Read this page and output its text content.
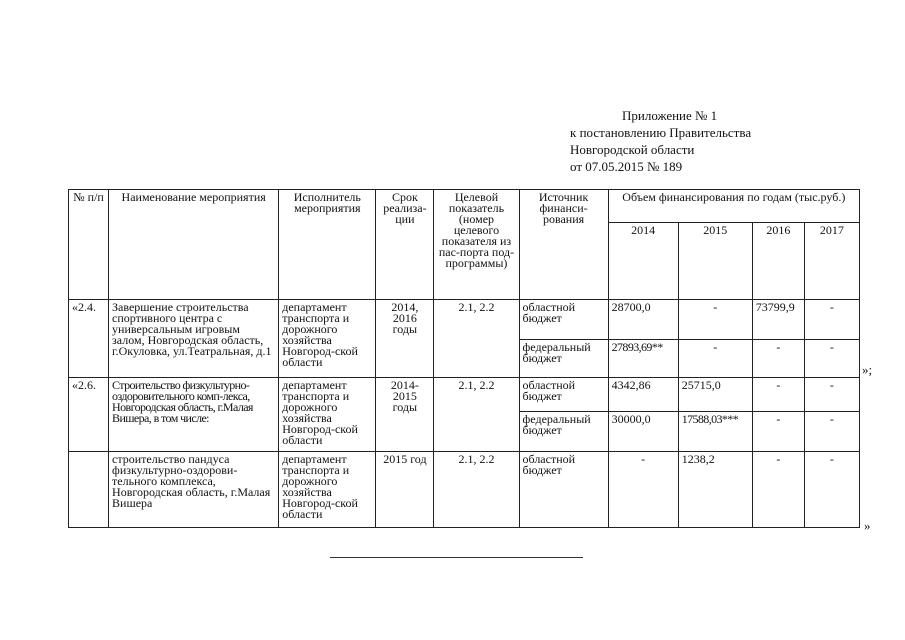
Приложение № 1
к постановлению Правительства
Новгородской области
от 07.05.2015 № 189
№ п/п	Наименование мероприятия	Исполнитель мероприятия	Срок реализа-ции	Целевой показатель (номер целевого показателя из пас-порта под-программы)	Источник финанси-рования	Объем финансирования по годам (тыс.руб.)			
						2014	2015	2016	2017
«2.4.	Завершение строительства спортивного центра с универсальным игровым залом, Новгородская область, г.Окуловка, ул.Театральная, д.1	департамент транспорта и дорожного хозяйства Новгород-ской области	2014, 2016 годы	2.1, 2.2	областной бюджет	28700,0	-	73799,9	-
					федеральный бюджет	27893,69**	-	-	-
«2.6.	Строительство физкультурно-оздоровительного комп-лекса, Новгородская область, г.Малая Вишера, в том числе:	департамент транспорта и дорожного хозяйства Новгород-ской области	2014-2015 годы	2.1, 2.2	областной бюджет	4342,86	25715,0	-	-
					федеральный бюджет	30000,0	17588,03***	-	-
	строительство пандуса физкультурно-оздорови-тельного комплекса, Новгородская область, г.Малая Вишера	департамент транспорта и дорожного хозяйства Новгород-ской области	2015 год	2.1, 2.2	областной бюджет	-	1238,2	-	-
»;
»
